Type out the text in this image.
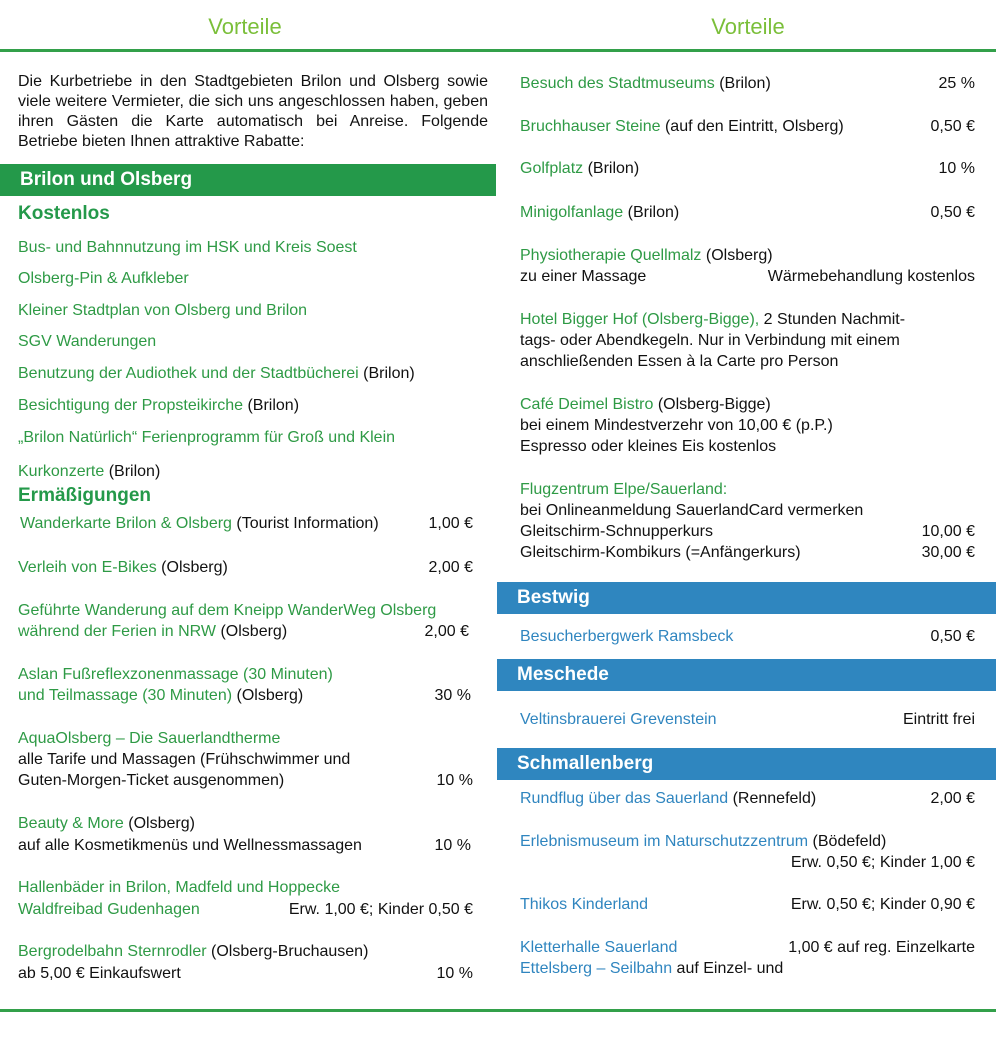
Vorteile	Vorteile
Die Kurbetriebe in den Stadtgebieten Brilon und Olsberg sowie viele weitere Vermieter, die sich uns angeschlossen haben, geben ihren Gästen die Karte automatisch bei Anreise. Folgende Betriebe bieten Ihnen attraktive Rabatte:
Brilon und Olsberg
Kostenlos
Bus- und Bahnnutzung im HSK und Kreis Soest
Olsberg-Pin & Aufkleber
Kleiner Stadtplan von Olsberg und Brilon
SGV Wanderungen
Benutzung der Audiothek und der Stadtbücherei (Brilon)
Besichtigung der Propsteikirche (Brilon)
„Brilon Natürlich“ Ferienprogramm für Groß und Klein
Kurkonzerte (Brilon)
Ermäßigungen
Wanderkarte Brilon & Olsberg (Tourist Information)	1,00 €
Verleih von E-Bikes (Olsberg)	2,00 €
Geführte Wanderung auf dem Kneipp WanderWeg Olsberg
während der Ferien in NRW (Olsberg)	2,00 €
Aslan Fußreflexzonenmassage (30 Minuten)
und Teilmassage (30 Minuten) (Olsberg)	30 %
AquaOlsberg – Die Sauerlandtherme
alle Tarife und Massagen (Frühschwimmer und
Guten-Morgen-Ticket ausgenommen)	10 %
Beauty & More (Olsberg)
auf alle Kosmetikmenüs und Wellnessmassagen	10 %
Hallenbäder in Brilon, Madfeld und Hoppecke
Waldfreibad Gudenhagen	Erw. 1,00 €; Kinder 0,50 €
Bergrodelbahn Sternrodler (Olsberg-Bruchausen)
ab 5,00 € Einkaufswert	10 %
Besuch des Stadtmuseums (Brilon)	25 %
Bruchhauser Steine (auf den Eintritt, Olsberg)	0,50 €
Golfplatz (Brilon)	10 %
Minigolfanlage (Brilon)	0,50 €
Physiotherapie Quellmalz (Olsberg)
zu einer Massage	Wärmebehandlung kostenlos
Hotel Bigger Hof (Olsberg-Bigge), 2 Stunden Nachmit-
tags- oder Abendkegeln. Nur in Verbindung mit einem
anschließenden Essen à la Carte pro Person
Café Deimel Bistro (Olsberg-Bigge)
bei einem Mindestverzehr von 10,00 € (p.P.)
Espresso oder kleines Eis kostenlos
Flugzentrum Elpe/Sauerland:
bei Onlineanmeldung SauerlandCard vermerken
Gleitschirm-Schnupperkurs	10,00 €
Gleitschirm-Kombikurs (=Anfängerkurs)	30,00 €
Bestwig
Besucherbergwerk Ramsbeck	0,50 €
Meschede
Veltinsbrauerei Grevenstein	Eintritt frei
Schmallenberg
Rundflug über das Sauerland (Rennefeld)	2,00 €
Erlebnismuseum im Naturschutzzentrum (Bödefeld)
Erw. 0,50 €; Kinder 1,00 €
Thikos Kinderland	Erw. 0,50 €; Kinder 0,90 €
Kletterhalle Sauerland	1,00 € auf reg. Einzelkarte
Ettelsberg – Seilbahn auf Einzel- und
